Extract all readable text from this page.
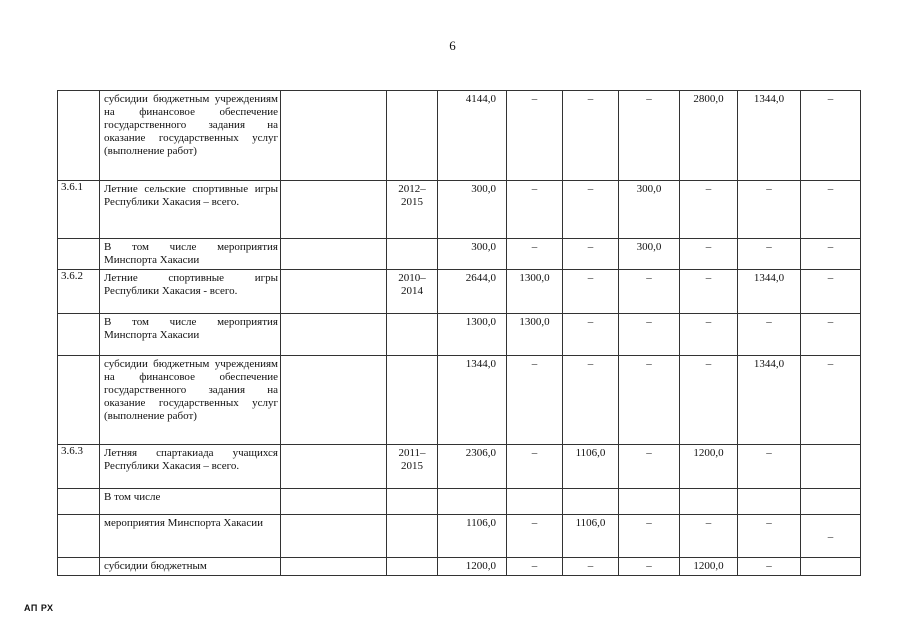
6

	субсидии бюджетным учреждениям на финансовое обеспечение государственного задания на оказание государственных услуг (выполнение работ)			4144,0	–	–	–	2800,0	1344,0	–

3.6.1	Летние сельские спортивные игры Республики Хакасия – всего.		2012– 2015	300,0	–	–	300,0	–	–	–

	В том числе мероприятия Минспорта Хакасии			300,0	–	–	300,0	–	–	–

3.6.2	Летние спортивные игры Республики Хакасия - всего.		2010– 2014	2644,0	1300,0	–	–	–	1344,0	–

	В том числе мероприятия Минспорта Хакасии			1300,0	1300,0	–	–	–	–	–

	субсидии бюджетным учреждениям на финансовое обеспечение государственного задания на оказание государственных услуг (выполнение работ)			1344,0	–	–	–	–	1344,0	–

3.6.3	Летняя спартакиада учащихся Республики Хакасия – всего.		2011– 2015	2306,0	–	1106,0	–	1200,0	–	

	В том числе									

	мероприятия Минспорта Хакасии			1106,0	–	1106,0	–	–	–	–

	субсидии бюджетным			1200,0	–	–	–	1200,0	–	

АП РХ
